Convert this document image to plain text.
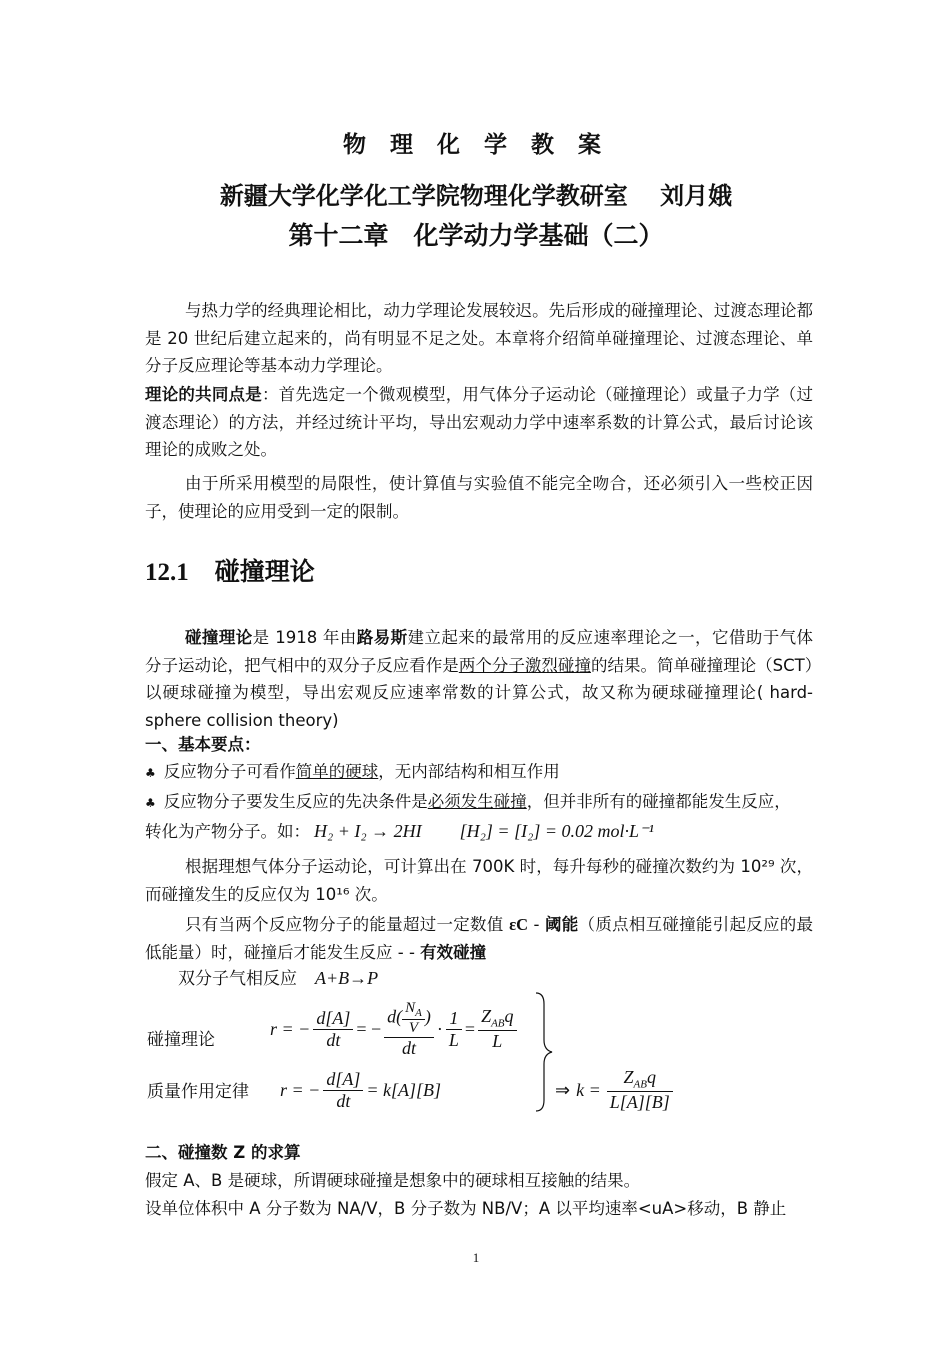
物 理 化 学 教 案
新疆大学化学化工学院物理化学教研室　 刘月娥
第十二章　化学动力学基础（二）
与热力学的经典理论相比，动力学理论发展较迟。先后形成的碰撞理论、过渡态理论都是 20 世纪后建立起来的，尚有明显不足之处。本章将介绍简单碰撞理论、过渡态理论、单分子反应理论等基本动力学理论。
理论的共同点是：首先选定一个微观模型，用气体分子运动论（碰撞理论）或量子力学（过渡态理论）的方法，并经过统计平均，导出宏观动力学中速率系数的计算公式，最后讨论该理论的成败之处。
由于所采用模型的局限性，使计算值与实验值不能完全吻合，还必须引入一些校正因子，使理论的应用受到一定的限制。
12.1 碰撞理论
碰撞理论是 1918 年由路易斯建立起来的最常用的反应速率理论之一，它借助于气体分子运动论，把气相中的双分子反应看作是两个分子激烈碰撞的结果。简单碰撞理论（SCT）以硬球碰撞为模型，导出宏观反应速率常数的计算公式，故又称为硬球碰撞理论( hard-sphere collision theory)
一、基本要点：
♣ 反应物分子可看作简单的硬球，无内部结构和相互作用
♣ 反应物分子要发生反应的先决条件是必须发生碰撞，但并非所有的碰撞都能发生反应，
转化为产物分子。如： H₂ + I₂ → 2HI [H₂] = [I₂] = 0.02 mol·L⁻¹
根据理想气体分子运动论，可计算出在 700K 时，每升每秒的碰撞次数约为 10²⁹ 次，而碰撞发生的反应仅为 10¹⁶ 次。
只有当两个反应物分子的能量超过一定数值 εC - 阈能（质点相互碰撞能引起反应的最低能量）时，碰撞后才能发生反应 - - 有效碰撞
双分子气相反应 A+B→P
碰撞理论
r = − $\frac{d[A]}{dt}$ = − $\frac{d( \frac{N_A}{V} )}{dt} \cdot \frac{1}{L} = \frac{Z_{AB}q}{L}$
质量作用定律 r = − $\frac{d[A]}{dt} = k[A][B]$	⇒ $k = \frac{Z_{AB}q}{L[A][B]}$
二、碰撞数 Z 的求算
假定 A、B 是硬球，所谓硬球碰撞是想象中的硬球相互接触的结果。
设单位体积中 A 分子数为 NA/V，B 分子数为 NB/V；A 以平均速率<uA>移动，B 静止
1
